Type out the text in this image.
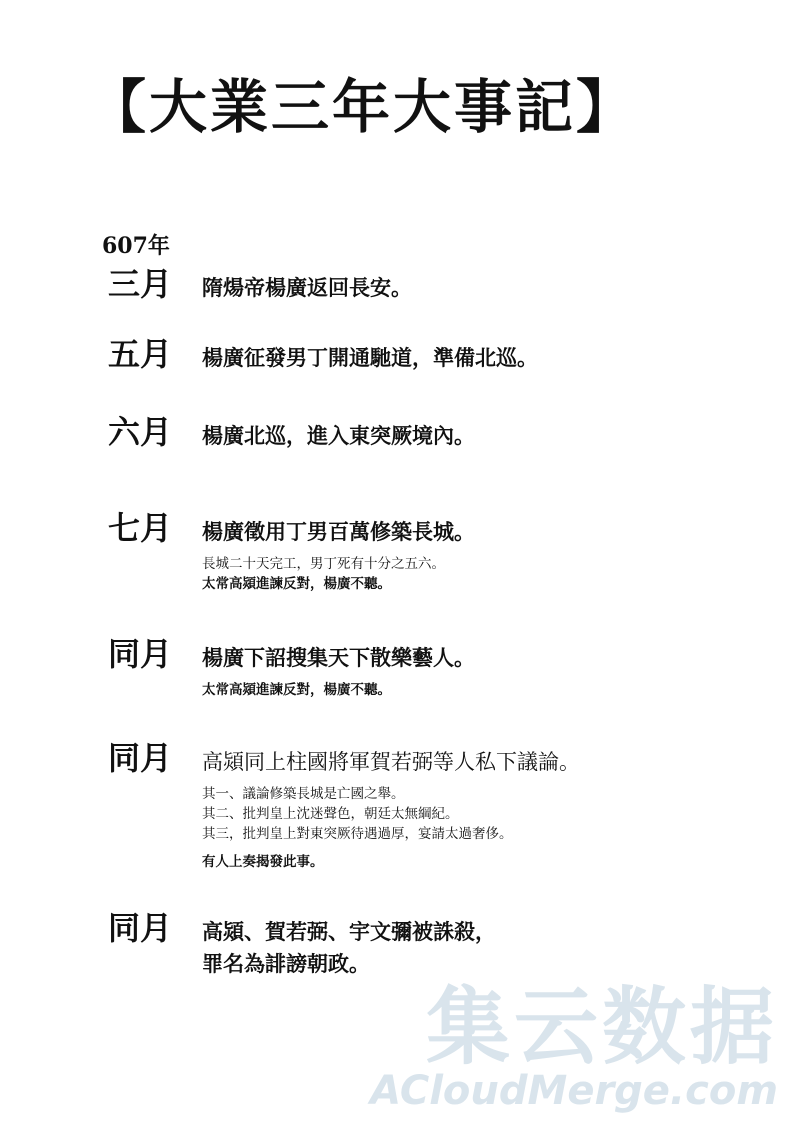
【大業三年大事記】
607年
三月 隋煬帝楊廣返回長安。
五月 楊廣征發男丁開通馳道，準備北巡。
六月 楊廣北巡，進入東突厥境內。
七月 楊廣徵用丁男百萬修築長城。
長城二十天完工，男丁死有十分之五六。
太常高熲進諫反對，楊廣不聽。
同月 楊廣下詔搜集天下散樂藝人。
太常高熲進諫反對，楊廣不聽。
同月 高熲同上柱國將軍賀若弼等人私下議論。
其一、議論修築長城是亡國之舉。
其二、批判皇上沈迷聲色，朝廷太無綱紀。
其三，批判皇上對東突厥待遇過厚，宴請太過奢侈。
有人上奏揭發此事。
同月 高熲、賀若弼、宇文彌被誅殺，
罪名為誹謗朝政。
集云数据
ACloudMerge.com
